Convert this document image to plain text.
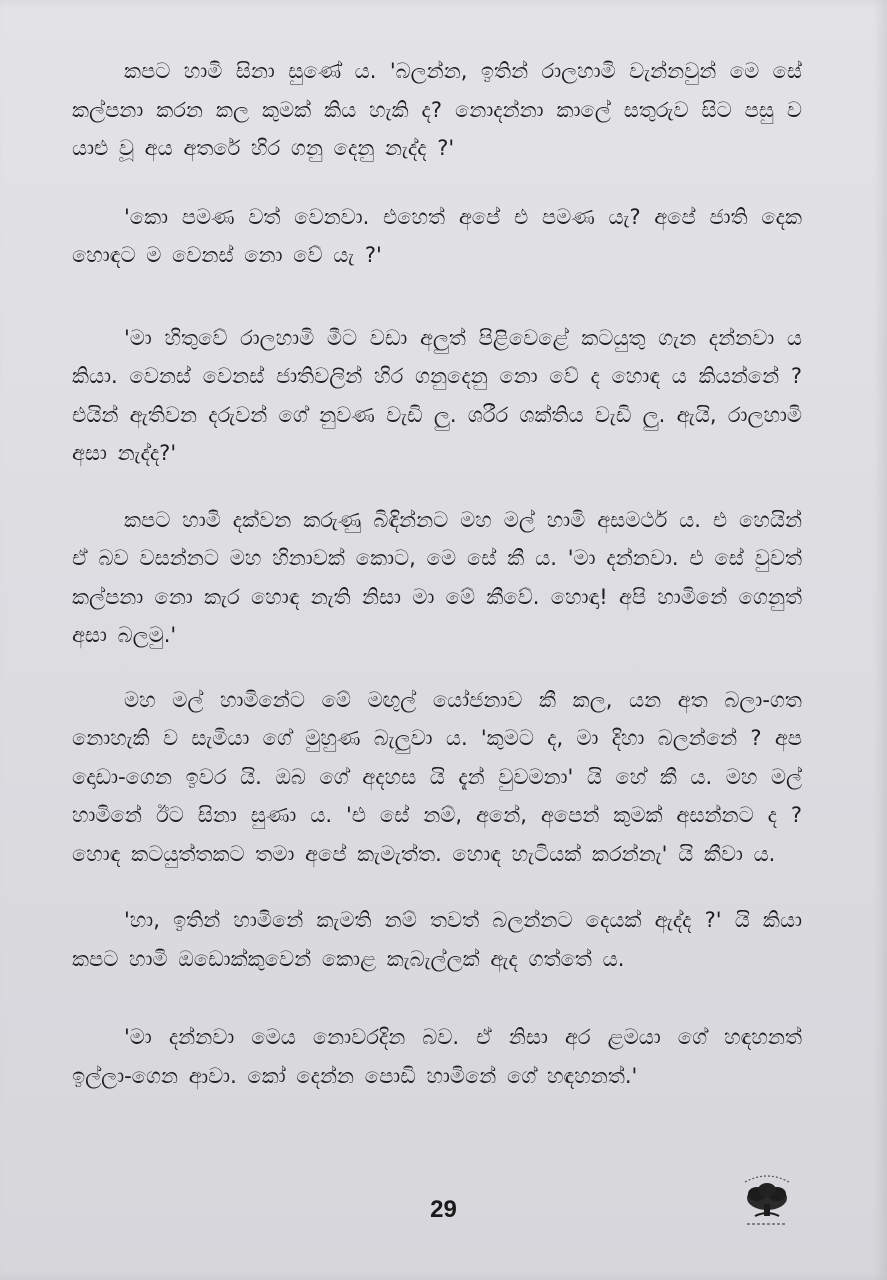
කපට හාමි සිනා සුණේ ය. 'බලන්න, ඉතින් රාලහාමි වැන්නවුන් මෙ සේ කල්පනා කරන කල කුමක් කිය හැකි ද? නොදන්නා කාලේ සතුරුව සිට පසු ව යාළු වූ අය අතරේ හිර ගනු දෙනු නැද්ද ?'

'කො පමණ වත් වෙනවා. එහෙත් අපේ එ පමණ යැ? අපේ ජාති දෙක හොඳට ම වෙනස් නො වේ යැ ?'

'මා හිතුවේ රාලහාමි මීට වඩා අලුත් පිළිවෙළේ කටයුතු ගැන දන්නවා ය කියා. වෙනස් වෙනස් ජාතිවලින් හිර ගනුදෙනු නො වේ ද හොඳ ය කියන්නේ ? එයින් ඇතිවන දරුවන් ගේ නුවණ වැඩි ලු. ශරීර ශක්තිය වැඩි ලු. ඇයි, රාලහාමි අසා නැද්ද?'

කපට හාමි දක්වන කරුණු බිඳින්නට මහ මල් හාමි අසමර්ථ ය. එ හෙයින් ඒ බව වසන්නට මහ හිනාවක් කොට, මෙ සේ කී ය. 'මා දන්නවා. එ සේ වුවත් කල්පනා නො කැර හොඳ නැති නිසා මා මේ කීවේ. හොඳා! අපි හාමිනේ ගෙනුත් අසා බලමු.'

මහ මල් හාමිනේට මේ මඟුල් යෝජනාව කී කල, යන අත බලා-ගත නොහැකි ව සැමියා ගේ මුහුණ බැලුවා ය. 'කුමට ද, මා දිහා බලන්නේ ? අප දොඩා-ගෙන ඉවර යි. ඔබ ගේ අදහස යි දැන් වුවමනා' යි හේ කී ය. මහ මල් හාමිනේ ඊට සිනා සුණා ය. 'එ සේ නම්, අනේ, අපෙන් කුමක් අසන්නට ද ? හොඳ කටයුත්තකට තමා අපේ කැමැත්ත. හොඳ හැටියක් කරන්නැ' යි කීවා ය.

'හා, ඉතින් හාමිනේ කැමති නම් තවත් බලන්නට දෙයක් ඇද්ද ?' යි කියා කපට හාමි ඔඩොක්කුවෙන් කොළ කැබැල්ලක් ඇද ගත්තේ ය.

'මා දන්නවා මෙය නොවරදින බව. ඒ නිසා අර ළමයා ගේ හඳහනත් ඉල්ලා-ගෙන ආවා. කෝ දෙන්න පොඩි හාමිනේ ගේ හඳහනත්.'

29
